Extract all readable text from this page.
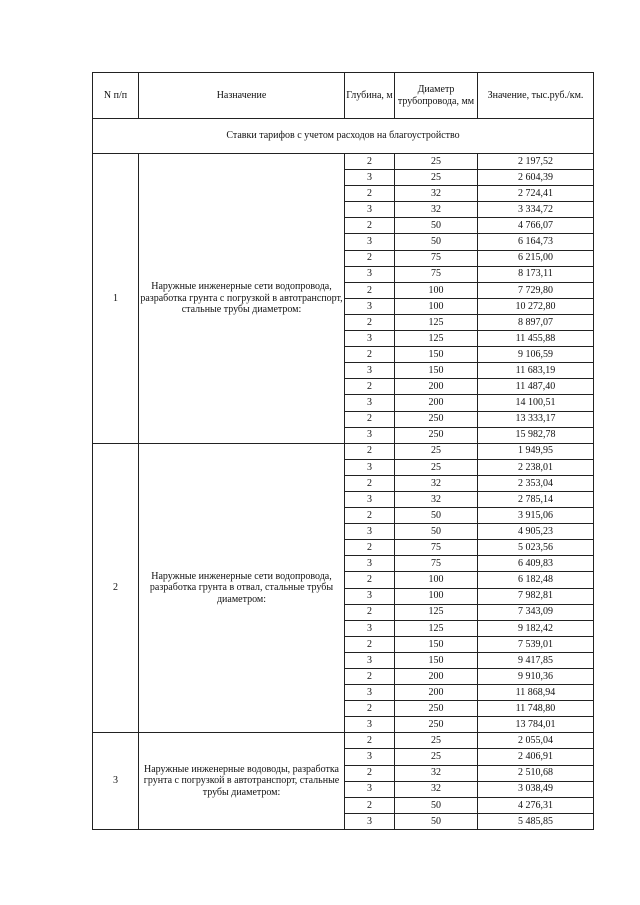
N п/п	Назначение	Глубина, м	Диаметр трубопровода, мм	Значение, тыс.руб./км.
Ставки тарифов с учетом расходов на благоустройство				
1	Наружные инженерные сети водопровода, разработка грунта с погрузкой в автотранспорт, стальные трубы диаметром:	2	25	2 197,52
		3	25	2 604,39
		2	32	2 724,41
		3	32	3 334,72
		2	50	4 766,07
		3	50	6 164,73
		2	75	6 215,00
		3	75	8 173,11
		2	100	7 729,80
		3	100	10 272,80
		2	125	8 897,07
		3	125	11 455,88
		2	150	9 106,59
		3	150	11 683,19
		2	200	11 487,40
		3	200	14 100,51
		2	250	13 333,17
		3	250	15 982,78
2	Наружные инженерные сети водопровода, разработка грунта в отвал, стальные трубы диаметром:	2	25	1 949,95
		3	25	2 238,01
		2	32	2 353,04
		3	32	2 785,14
		2	50	3 915,06
		3	50	4 905,23
		2	75	5 023,56
		3	75	6 409,83
		2	100	6 182,48
		3	100	7 982,81
		2	125	7 343,09
		3	125	9 182,42
		2	150	7 539,01
		3	150	9 417,85
		2	200	9 910,36
		3	200	11 868,94
		2	250	11 748,80
		3	250	13 784,01
3	Наружные инженерные водоводы, разработка грунта с погрузкой в автотранспорт, стальные трубы диаметром:	2	25	2 055,04
		3	25	2 406,91
		2	32	2 510,68
		3	32	3 038,49
		2	50	4 276,31
		3	50	5 485,85
